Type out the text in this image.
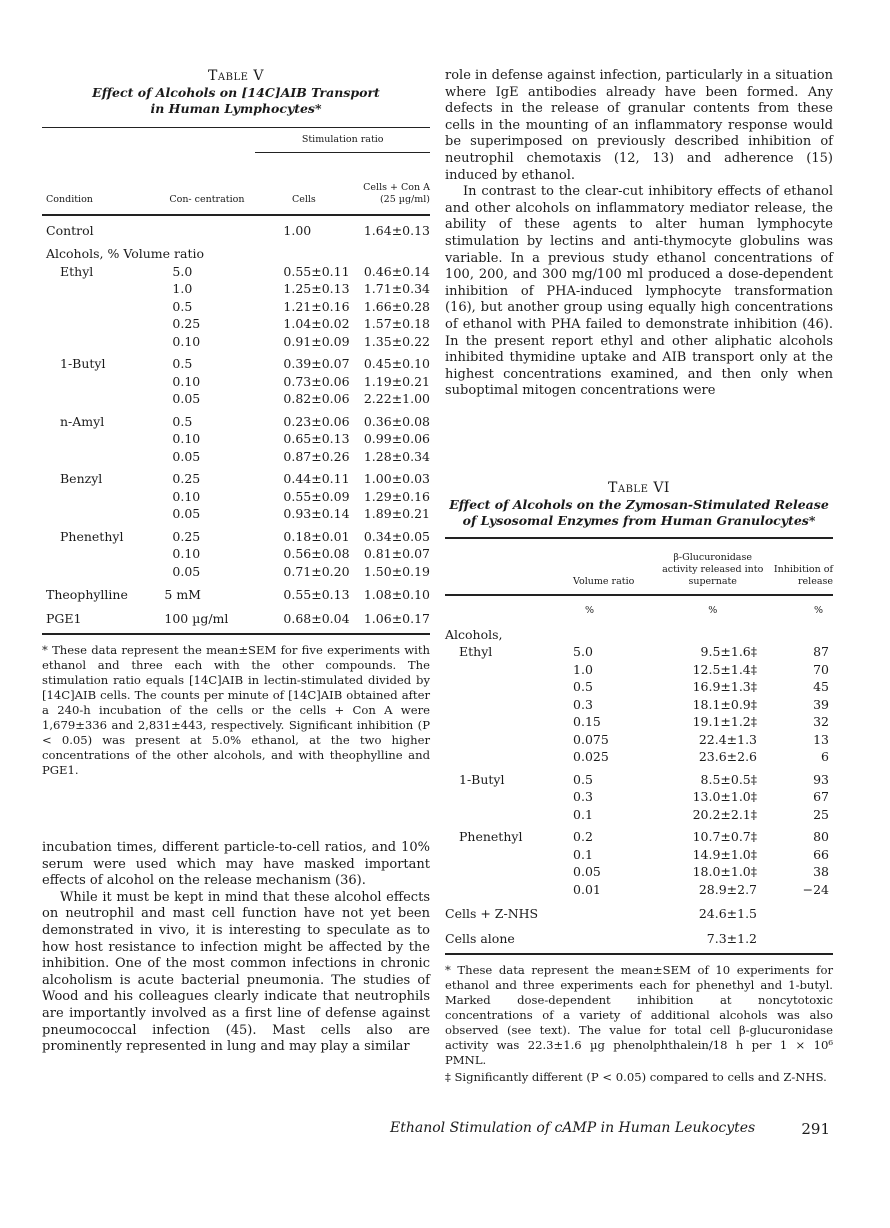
Table V
Effect of Alcohols on [14C]AIB Transport in Human Lymphocytes*
		Stimulation ratio	
Condition	Con- centration	Cells	Cells + Con A (25 µg/ml)

Control		1.00	1.64±0.13

Alcohols, % Volume ratio			
Ethyl	5.0	0.55±0.11	0.46±0.14
	1.0	1.25±0.13	1.71±0.34
	0.5	1.21±0.16	1.66±0.28
	0.25	1.04±0.02	1.57±0.18
	0.10	0.91±0.09	1.35±0.22

1-Butyl	0.5	0.39±0.07	0.45±0.10
	0.10	0.73±0.06	1.19±0.21
	0.05	0.82±0.06	2.22±1.00

n-Amyl	0.5	0.23±0.06	0.36±0.08
	0.10	0.65±0.13	0.99±0.06
	0.05	0.87±0.26	1.28±0.34

Benzyl	0.25	0.44±0.11	1.00±0.03
	0.10	0.55±0.09	1.29±0.16
	0.05	0.93±0.14	1.89±0.21

Phenethyl	0.25	0.18±0.01	0.34±0.05
	0.10	0.56±0.08	0.81±0.07
	0.05	0.71±0.20	1.50±0.19

Theophylline	5 mM	0.55±0.13	1.08±0.10

PGE1	100 µg/ml	0.68±0.04	1.06±0.17
* These data represent the mean±SEM for five experiments with ethanol and three each with the other compounds. The stimulation ratio equals [14C]AIB in lectin-stimulated divided by [14C]AIB cells. The counts per minute of [14C]AIB obtained after a 240-h incubation of the cells or the cells + Con A were 1,679±336 and 2,831±443, respectively. Significant inhibition (P < 0.05) was present at 5.0% ethanol, at the two higher concentrations of the other alcohols, and with theophylline and PGE1.

incubation times, different particle-to-cell ratios, and 10% serum were used which may have masked important effects of alcohol on the release mechanism (36).

While it must be kept in mind that these alcohol effects on neutrophil and mast cell function have not yet been demonstrated in vivo, it is interesting to speculate as to how host resistance to infection might be affected by the inhibition. One of the most common infections in chronic alcoholism is acute bacterial pneumonia. The studies of Wood and his colleagues clearly indicate that neutrophils are importantly involved as a first line of defense against pneumococcal infection (45). Mast cells also are prominently represented in lung and may play a similar

role in defense against infection, particularly in a situation where IgE antibodies already have been formed. Any defects in the release of granular contents from these cells in the mounting of an inflammatory response would be superimposed on previously described inhibition of neutrophil chemotaxis (12, 13) and adherence (15) induced by ethanol.

In contrast to the clear-cut inhibitory effects of ethanol and other alcohols on inflammatory mediator release, the ability of these agents to alter human lymphocyte stimulation by lectins and anti-thymocyte globulins was variable. In a previous study ethanol concentrations of 100, 200, and 300 mg/100 ml produced a dose-dependent inhibition of PHA-induced lymphocyte transformation (16), but another group using equally high concentrations of ethanol with PHA failed to demonstrate inhibition (46). In the present report ethyl and other aliphatic alcohols inhibited thymidine uptake and AIB transport only at the highest concentrations examined, and then only when suboptimal mitogen concentrations were

Table VI
Effect of Alcohols on the Zymosan-Stimulated Release of Lysosomal Enzymes from Human Granulocytes*
	Volume ratio	β-Glucuronidase activity released into supernate	Inhibition of release
	%	%	%
Alcohols,			
Ethyl	5.0	9.5±1.6‡	87
	1.0	12.5±1.4‡	70
	0.5	16.9±1.3‡	45
	0.3	18.1±0.9‡	39
	0.15	19.1±1.2‡	32
	0.075	22.4±1.3	13
	0.025	23.6±2.6	6

1-Butyl	0.5	8.5±0.5‡	93
	0.3	13.0±1.0‡	67
	0.1	20.2±2.1‡	25

Phenethyl	0.2	10.7±0.7‡	80
	0.1	14.9±1.0‡	66
	0.05	18.0±1.0‡	38
	0.01	28.9±2.7	−24

Cells + Z-NHS		24.6±1.5	

Cells alone		7.3±1.2	
* These data represent the mean±SEM of 10 experiments for ethanol and three experiments each for phenethyl and 1-butyl. Marked dose-dependent inhibition at noncytotoxic concentrations of a variety of additional alcohols was also observed (see text). The value for total cell β-glucuronidase activity was 22.3±1.6 µg phenolphthalein/18 h per 1 × 10⁶ PMNL.
‡ Significantly different (P < 0.05) compared to cells and Z-NHS.
Ethanol Stimulation of cAMP in Human Leukocytes	291
